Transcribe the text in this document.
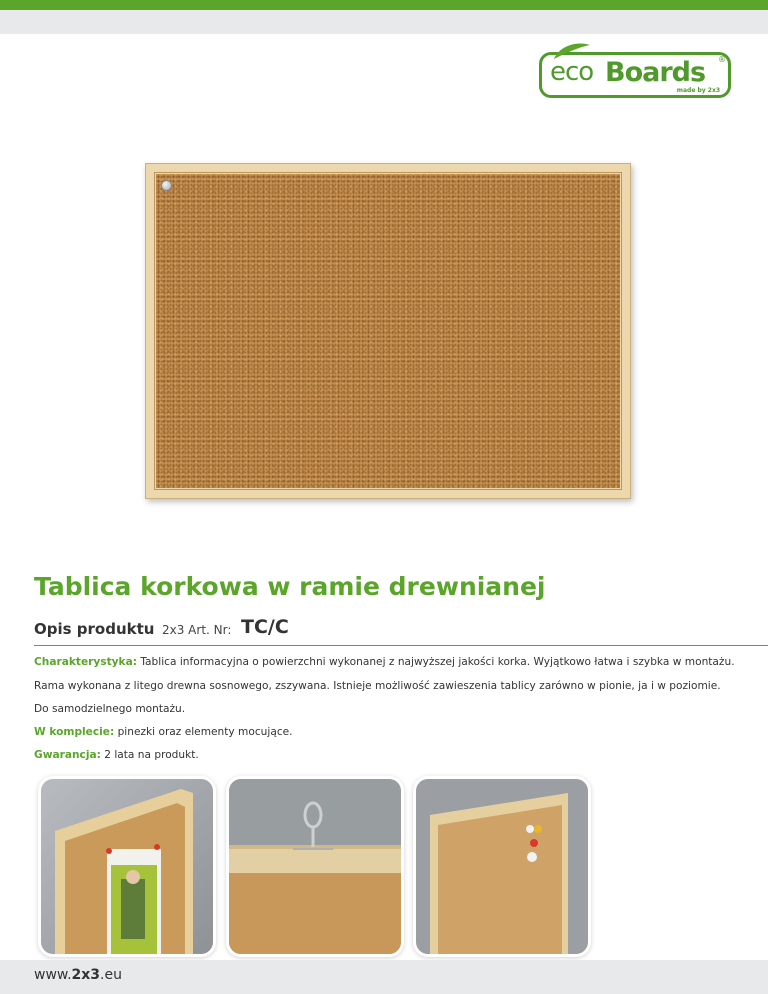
eco Boards
made by 2x3
®
Tablica korkowa w ramie drewnianej
Opis produktu 2x3 Art. Nr: TC/C

Charakterystyka: Tablica informacyjna o powierzchni wykonanej z najwyższej jakości korka. Wyjątkowo łatwa i szybka w montażu.

Rama wykonana z litego drewna sosnowego, zszywana. Istnieje możliwość zawieszenia tablicy zarówno w pionie, ja i w poziomie.

Do samodzielnego montażu.

W komplecie: pinezki oraz elementy mocujące.

Gwarancja: 2 lata na produkt.

www.2x3.eu
